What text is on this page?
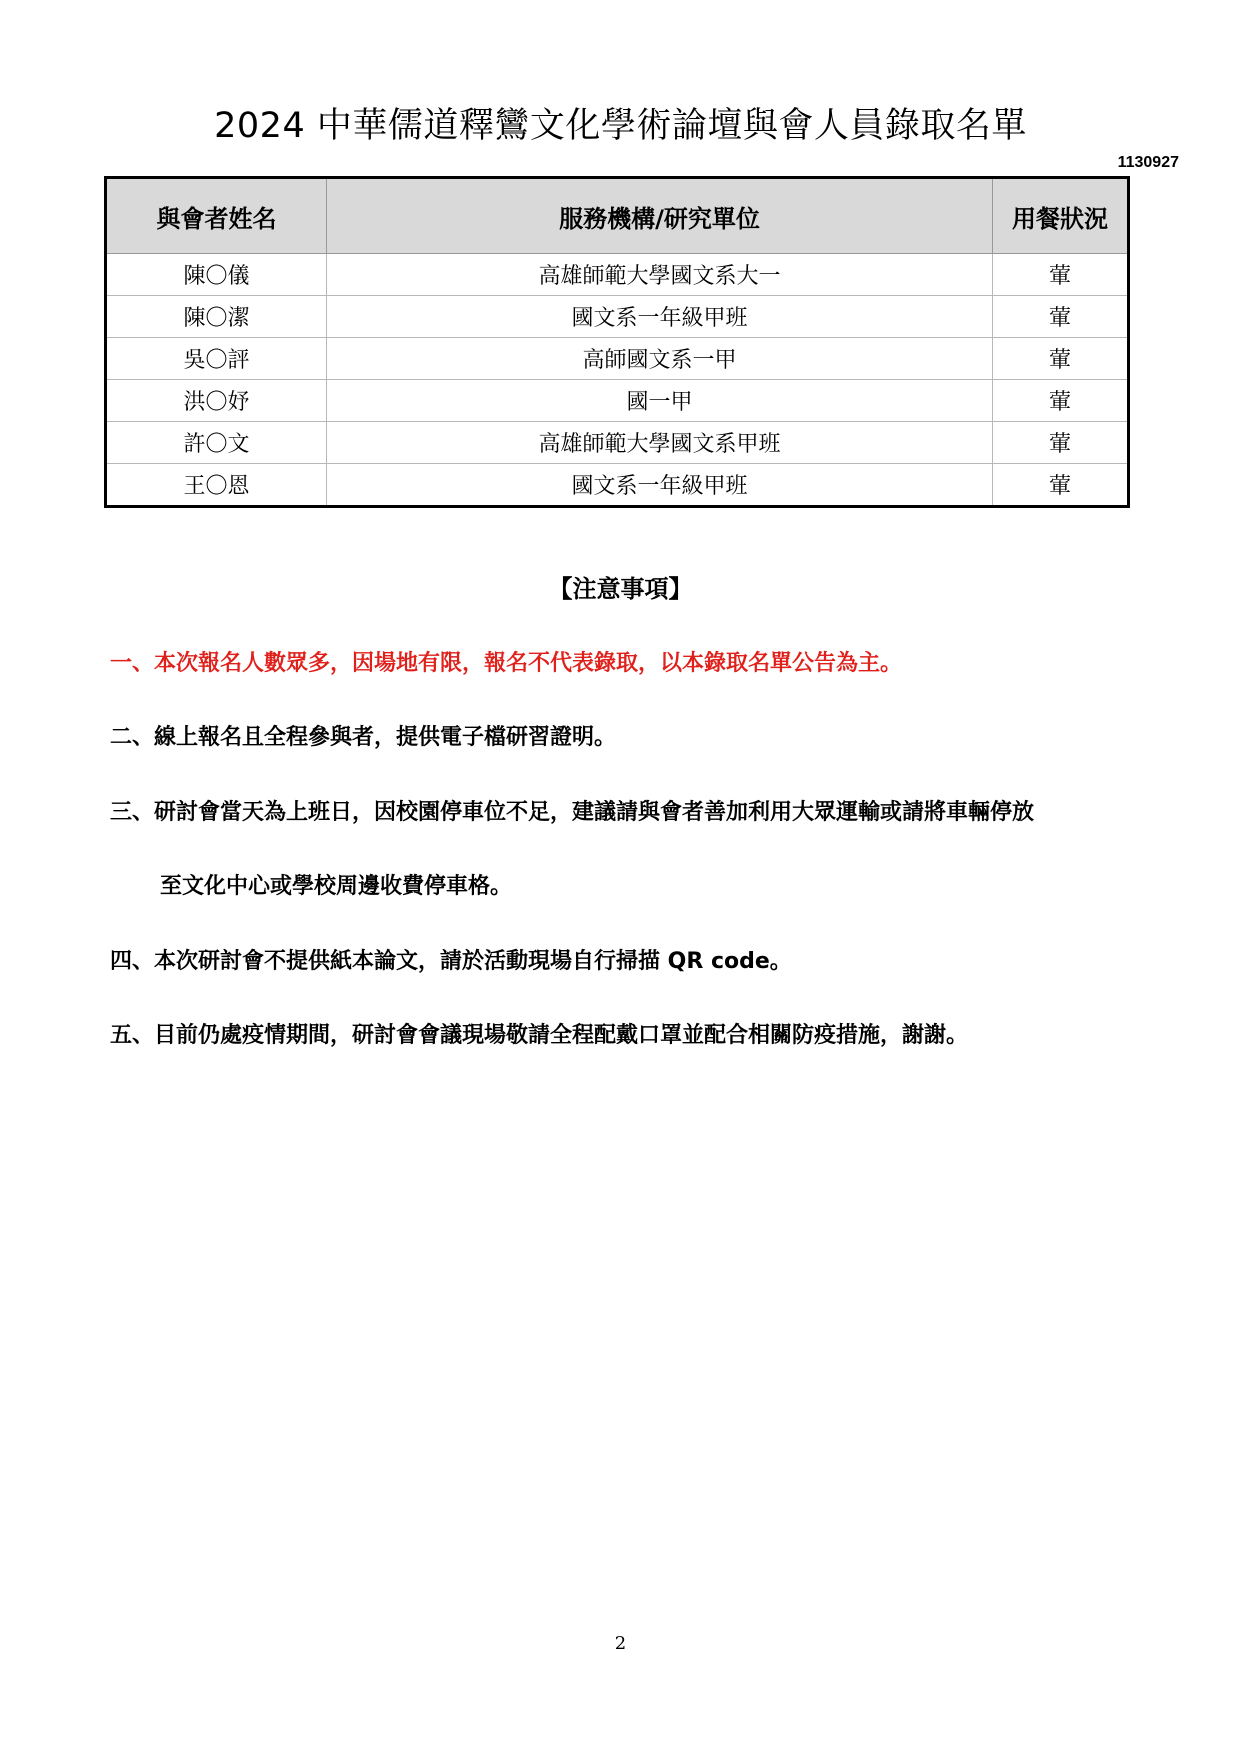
2024 中華儒道釋鸞文化學術論壇與會人員錄取名單
1130927
與會者姓名	服務機構/研究單位	用餐狀況
陳〇儀	高雄師範大學國文系大一	葷
陳〇潔	國文系一年級甲班	葷
吳〇評	高師國文系一甲	葷
洪〇妤	國一甲	葷
許〇文	高雄師範大學國文系甲班	葷
王〇恩	國文系一年級甲班	葷
【注意事項】
一、本次報名人數眾多，因場地有限，報名不代表錄取，以本錄取名單公告為主。
二、線上報名且全程參與者，提供電子檔研習證明。
三、研討會當天為上班日，因校園停車位不足，建議請與會者善加利用大眾運輸或請將車輛停放
至文化中心或學校周邊收費停車格。
四、本次研討會不提供紙本論文，請於活動現場自行掃描 QR code。
五、目前仍處疫情期間，研討會會議現場敬請全程配戴口罩並配合相關防疫措施，謝謝。
2
